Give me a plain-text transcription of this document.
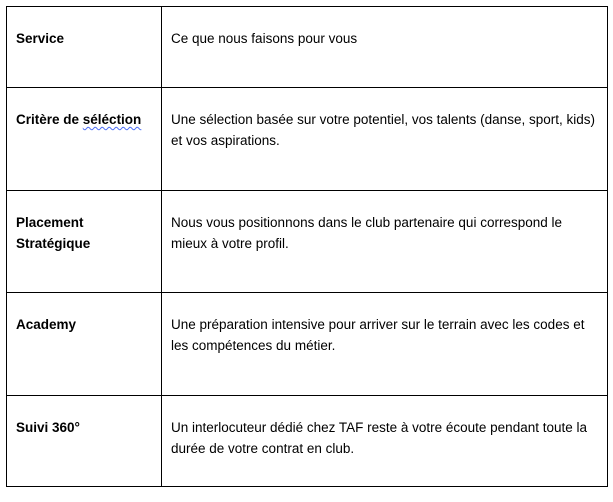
Service	Ce que nous faisons pour vous

Critère de séléction	Une sélection basée sur votre potentiel, vos talents (danse, sport, kids) et vos aspirations.

Placement Stratégique	Nous vous positionnons dans le club partenaire qui correspond le mieux à votre profil.

Academy	Une préparation intensive pour arriver sur le terrain avec les codes et les compétences du métier.

Suivi 360°	Un interlocuteur dédié chez TAF reste à votre écoute pendant toute la durée de votre contrat en club.
